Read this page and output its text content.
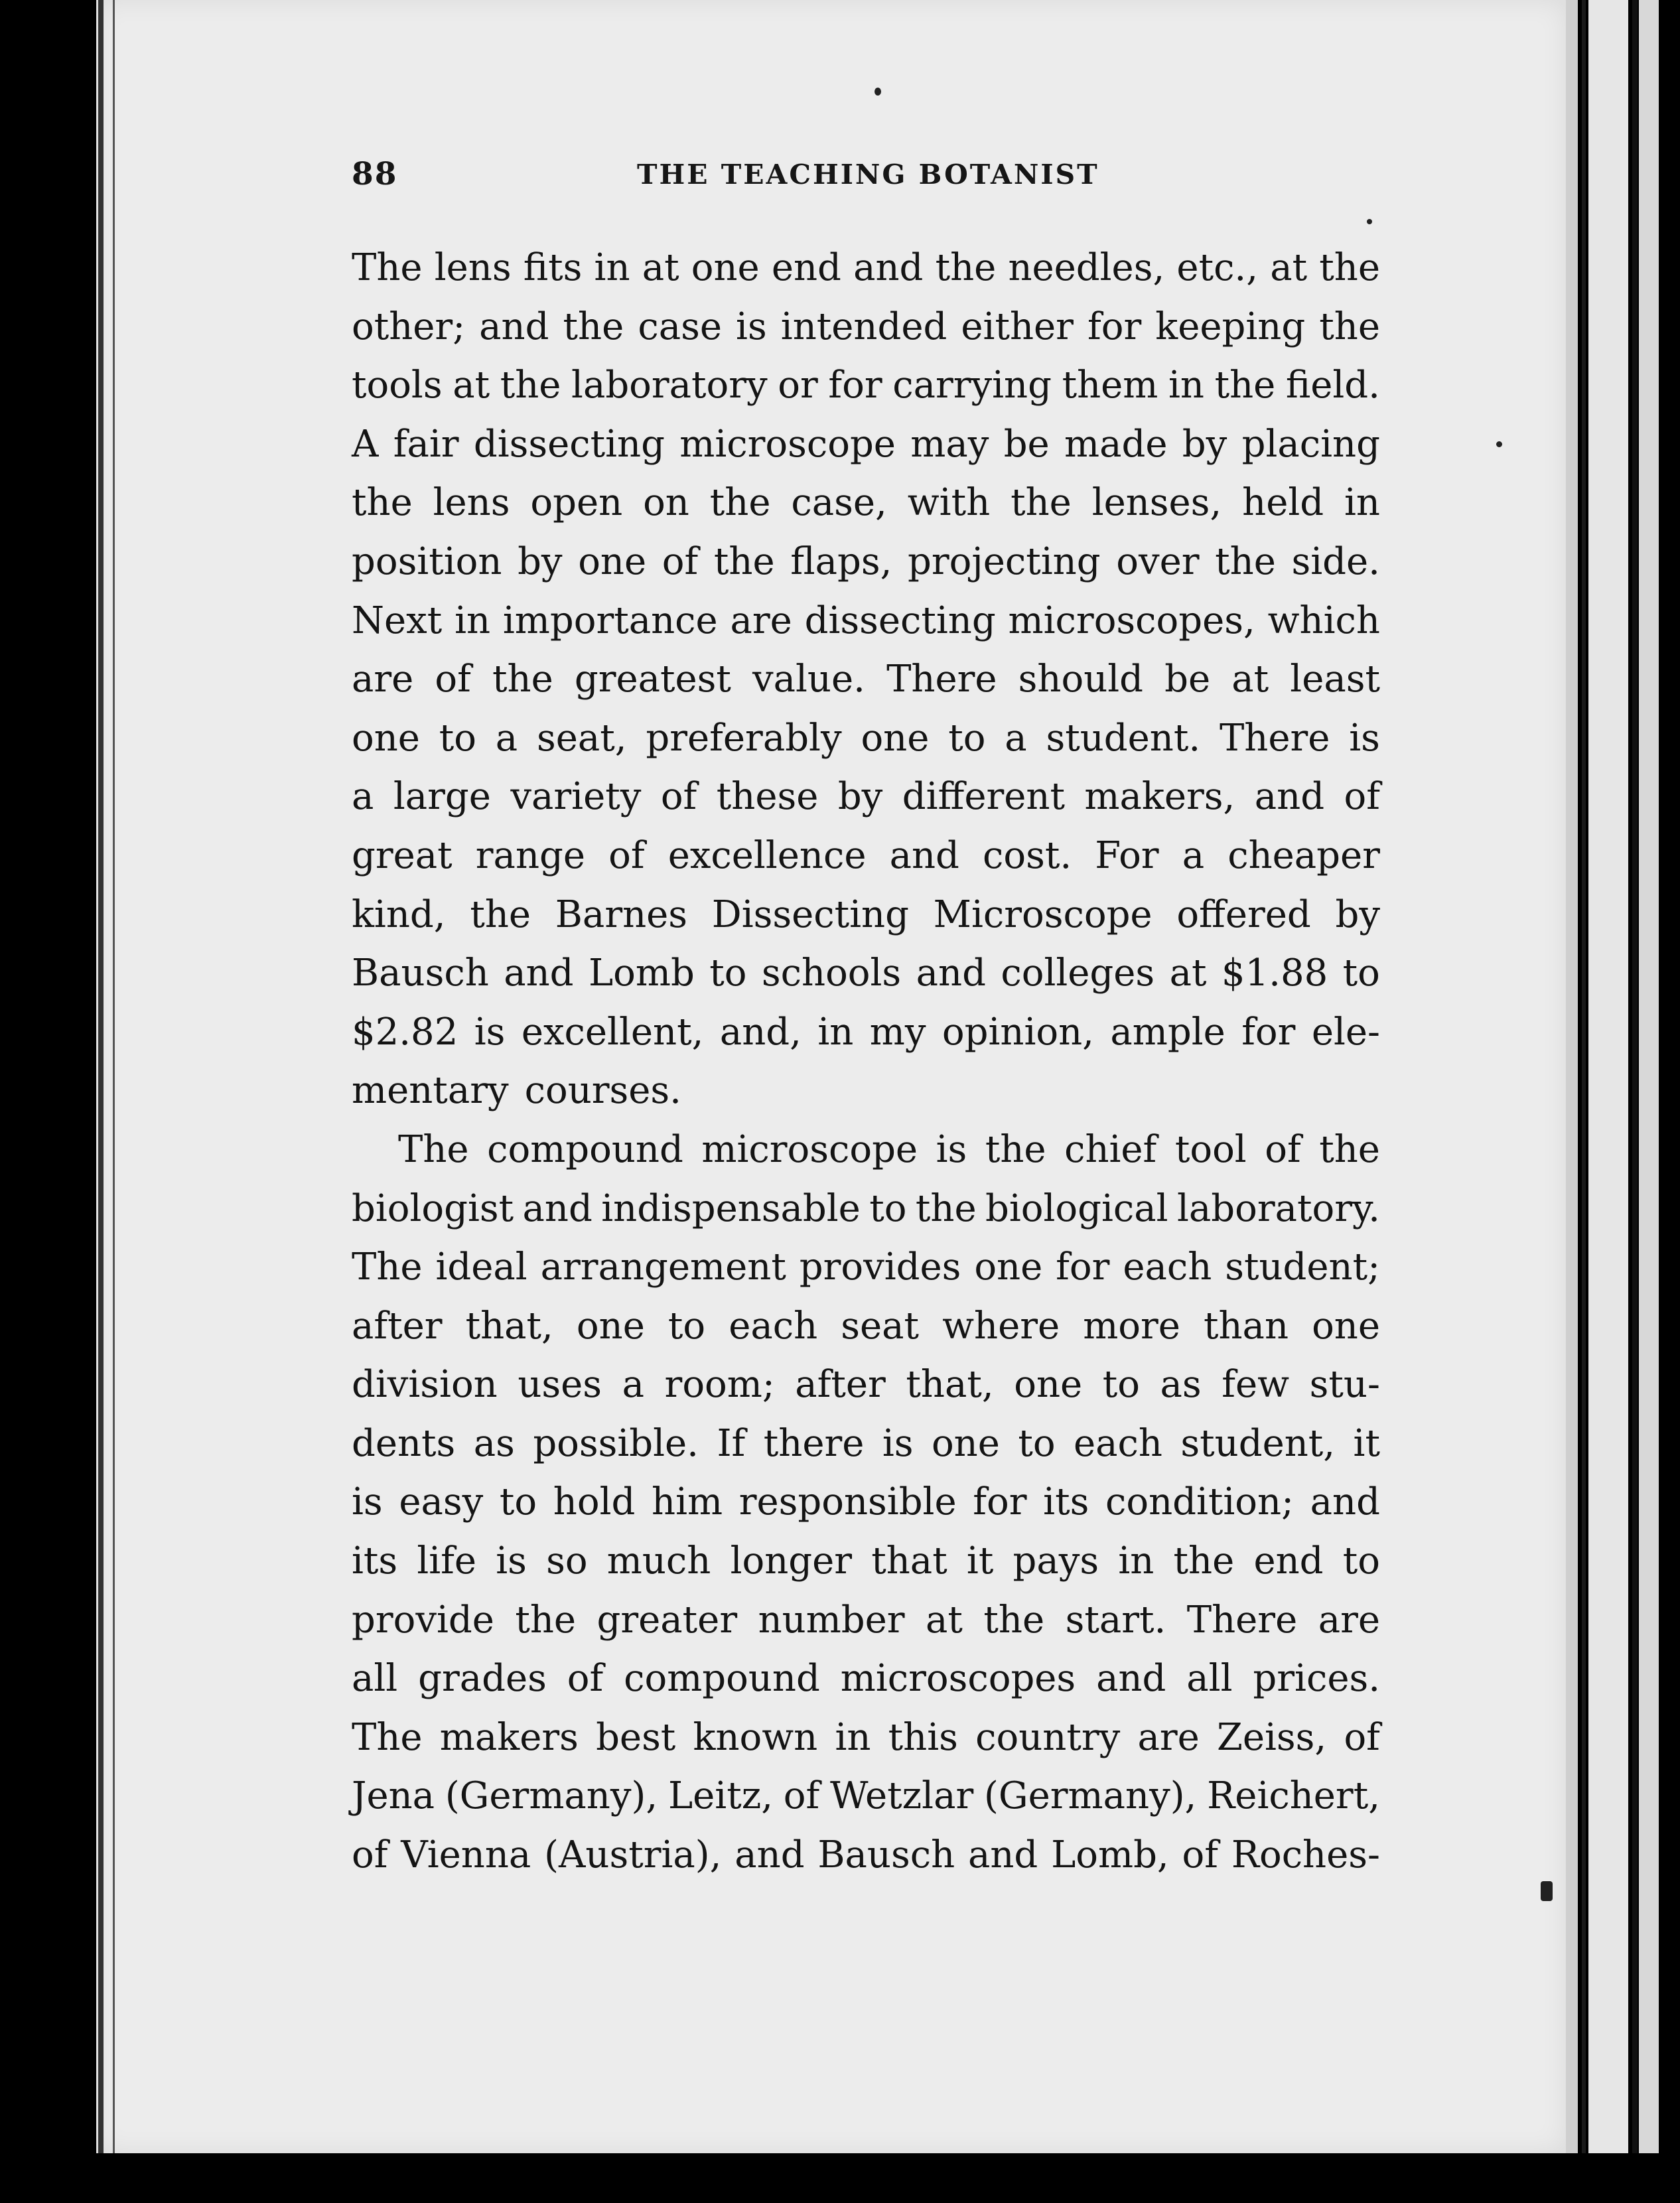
88	THE TEACHING BOTANIST
The lens fits in at one end and the needles, etc., at the
other; and the case is intended either for keeping the
tools at the laboratory or for carrying them in the field.
A fair dissecting microscope may be made by placing
the lens open on the case, with the lenses, held in
position by one of the flaps, projecting over the side.
Next in importance are dissecting microscopes, which
are of the greatest value. There should be at least
one to a seat, preferably one to a student. There is
a large variety of these by different makers, and of
great range of excellence and cost. For a cheaper
kind, the Barnes Dissecting Microscope offered by
Bausch and Lomb to schools and colleges at $1.88 to
$2.82 is excellent, and, in my opinion, ample for ele-
mentary courses.
The compound microscope is the chief tool of the
biologist and indispensable to the biological laboratory.
The ideal arrangement provides one for each student;
after that, one to each seat where more than one
division uses a room; after that, one to as few stu-
dents as possible. If there is one to each student, it
is easy to hold him responsible for its condition; and
its life is so much longer that it pays in the end to
provide the greater number at the start. There are
all grades of compound microscopes and all prices.
The makers best known in this country are Zeiss, of
Jena (Germany), Leitz, of Wetzlar (Germany), Reichert,
of Vienna (Austria), and Bausch and Lomb, of Roches-
